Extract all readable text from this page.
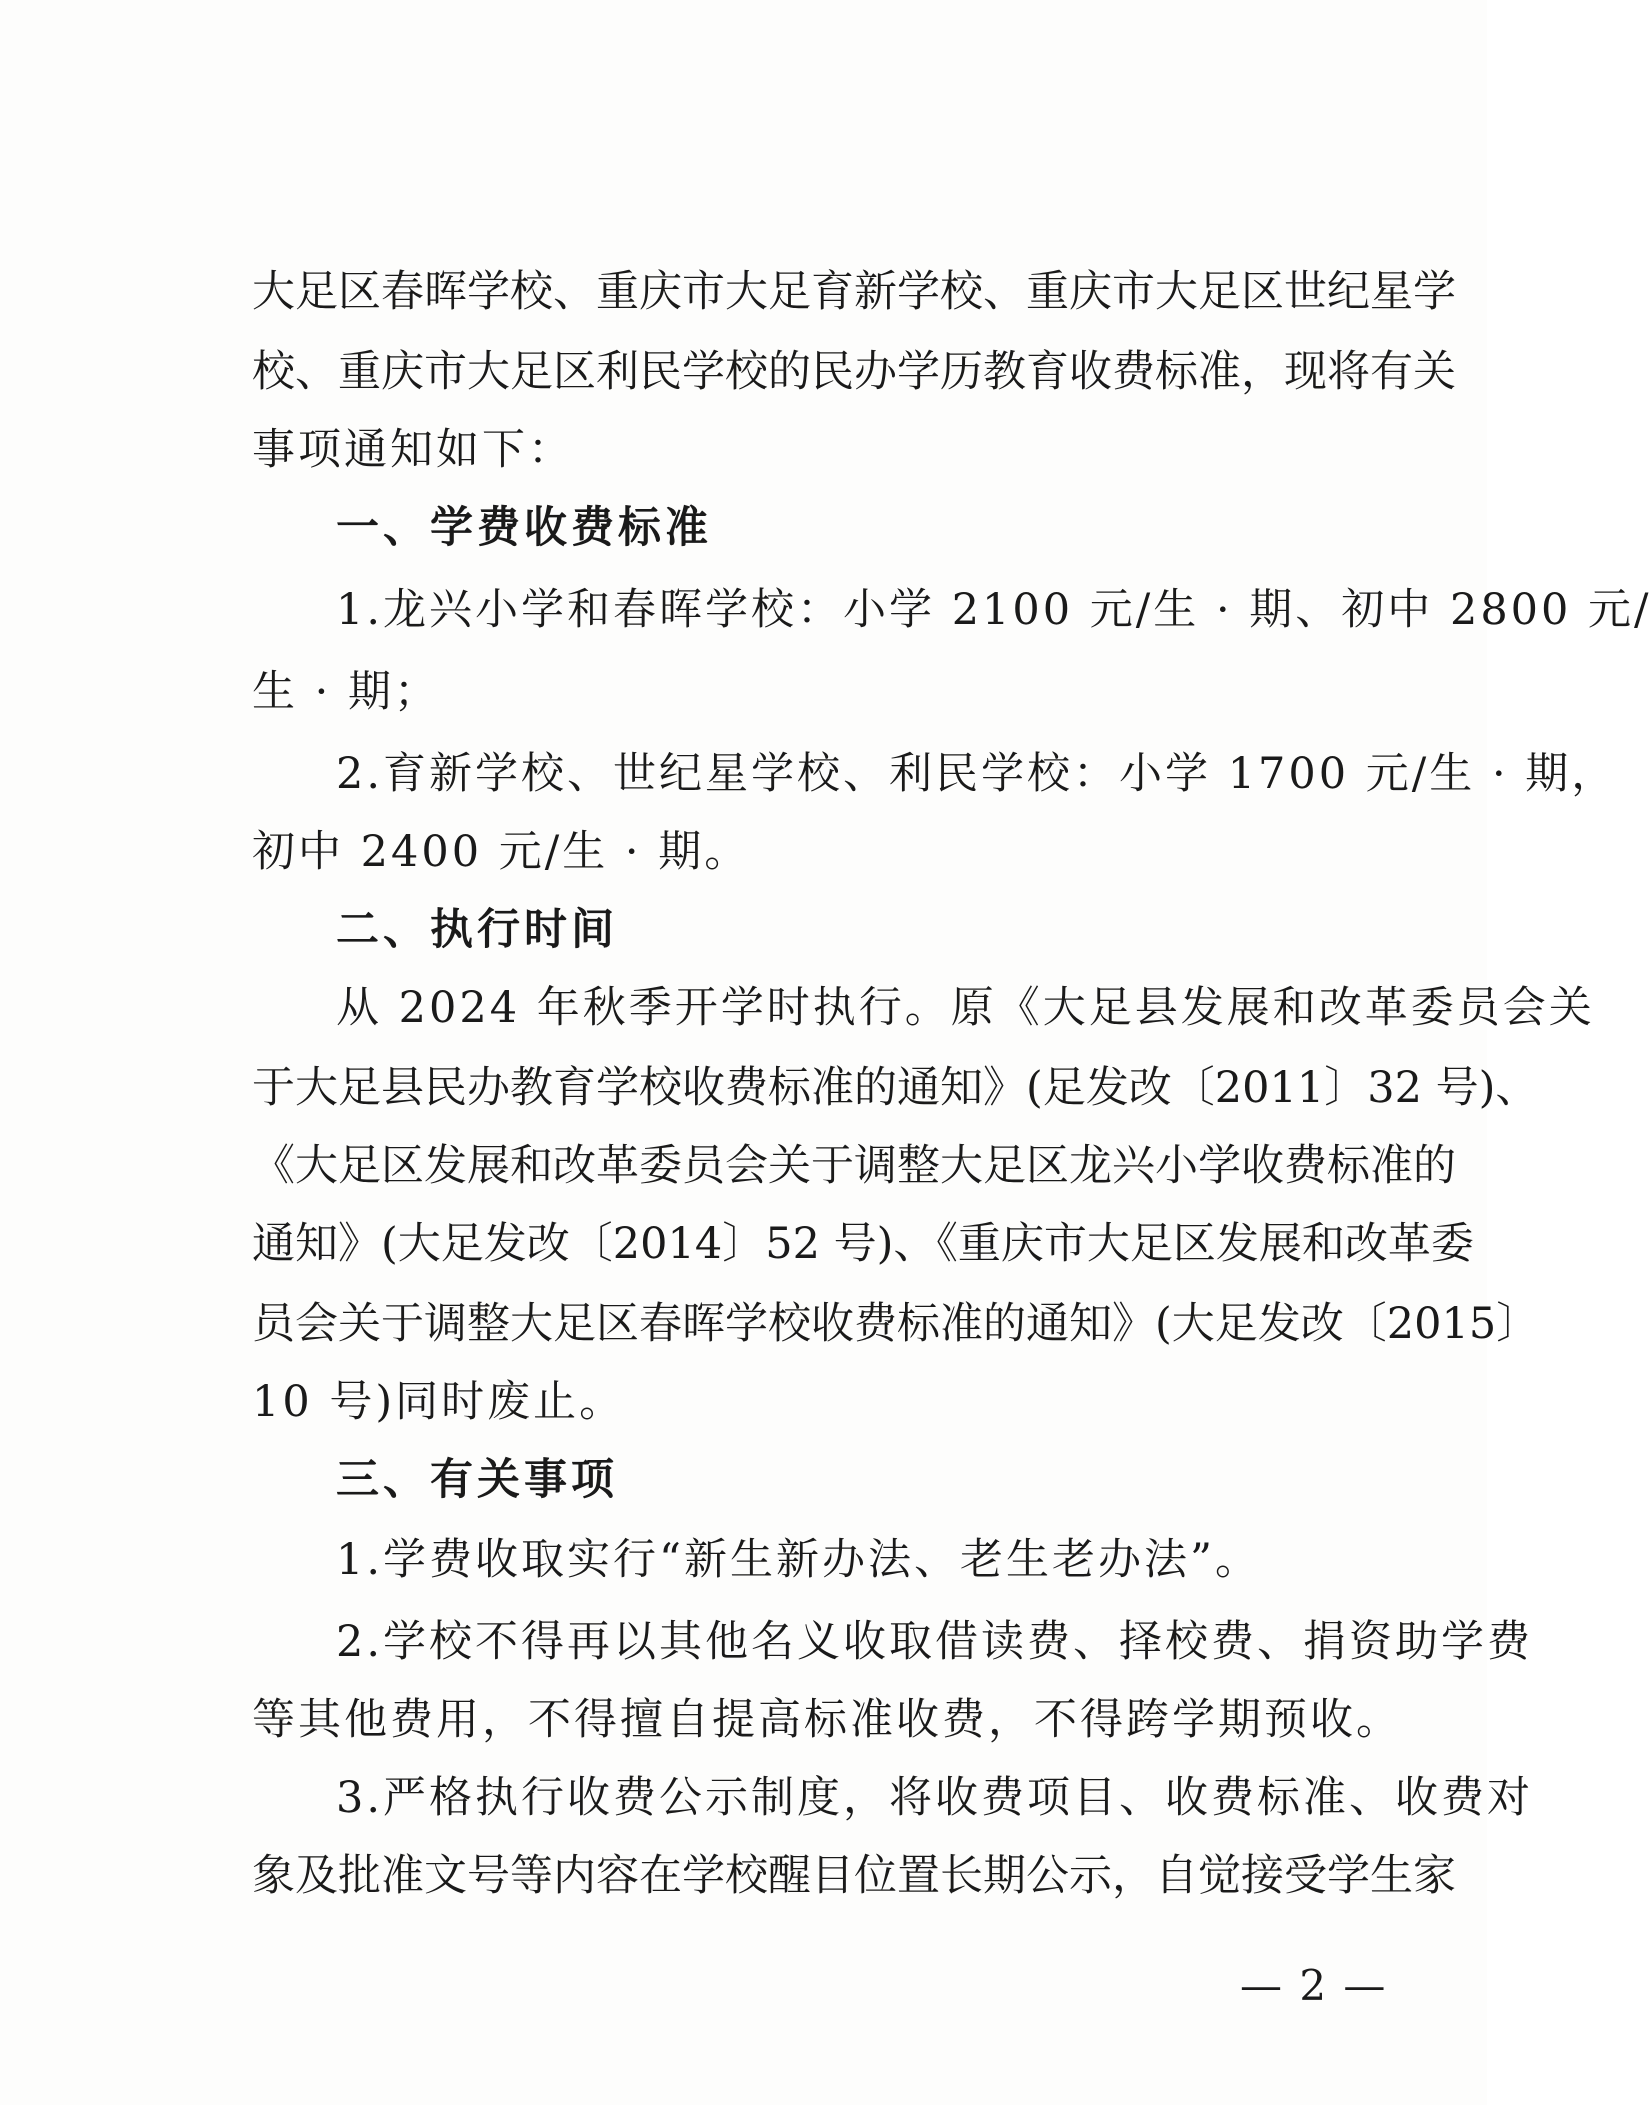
大足区春晖学校、重庆市大足育新学校、重庆市大足区世纪星学
校、重庆市大足区利民学校的民办学历教育收费标准，现将有关
事项通知如下：
一、学费收费标准
1.龙兴小学和春晖学校：小学 2100 元/生 · 期、初中 2800 元/
生 · 期；
2.育新学校、世纪星学校、利民学校：小学 1700 元/生 · 期，
初中 2400 元/生 · 期。
二、执行时间
从 2024 年秋季开学时执行。原《大足县发展和改革委员会关
于大足县民办教育学校收费标准的通知》(足发改〔2011〕32 号)、
《大足区发展和改革委员会关于调整大足区龙兴小学收费标准的
通知》(大足发改〔2014〕52 号)、《重庆市大足区发展和改革委
员会关于调整大足区春晖学校收费标准的通知》(大足发改〔2015〕
10 号)同时废止。
三、有关事项
1.学费收取实行“新生新办法、老生老办法”。
2.学校不得再以其他名义收取借读费、择校费、捐资助学费
等其他费用，不得擅自提高标准收费，不得跨学期预收。
3.严格执行收费公示制度，将收费项目、收费标准、收费对
象及批准文号等内容在学校醒目位置长期公示，自觉接受学生家
— 2 —
